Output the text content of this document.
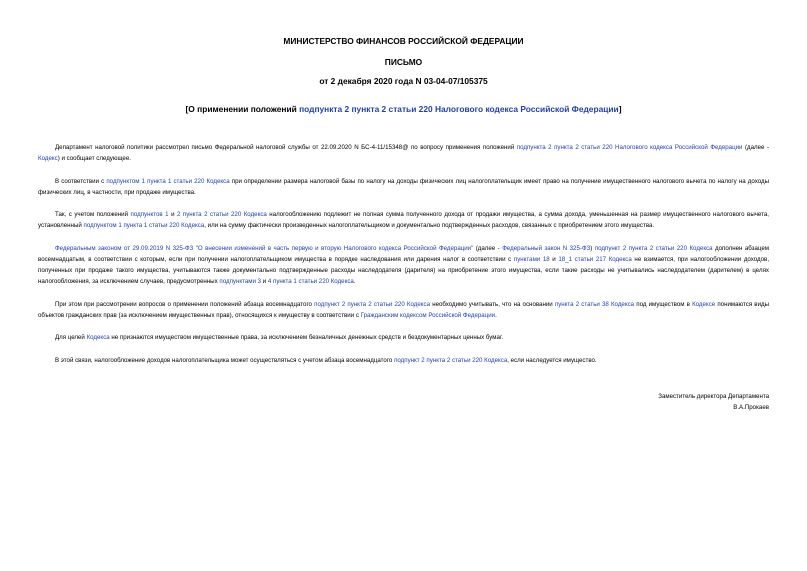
МИНИСТЕРСТВО ФИНАНСОВ РОССИЙСКОЙ ФЕДЕРАЦИИ
ПИСЬМО
от 2 декабря 2020 года N 03-04-07/105375
[О применении положений подпункта 2 пункта 2 статьи 220 Налогового кодекса Российской Федерации]

Департамент налоговой политики рассмотрел письмо Федеральной налоговой службы от 22.09.2020 N БС-4-11/15348@ по вопросу применения положений подпункта 2 пункта 2 статьи 220 Налогового кодекса Российской Федерации (далее - Кодекс) и сообщает следующее.

В соответствии с подпунктом 1 пункта 1 статьи 220 Кодекса при определении размера налоговой базы по налогу на доходы физических лиц налогоплательщик имеет право на получение имущественного налогового вычета по налогу на доходы физических лиц, в частности, при продаже имущества.

Так, с учетом положений подпунктов 1 и 2 пункта 2 статьи 220 Кодекса налогообложению подлежит не полная сумма полученного дохода от продажи имущества, а сумма дохода, уменьшенная на размер имущественного налогового вычета, установленный подпунктом 1 пункта 1 статьи 220 Кодекса, или на сумму фактически произведенных налогоплательщиком и документально подтвержденных расходов, связанных с приобретением этого имущества.

Федеральным законом от 29.09.2019 N 325-ФЗ "О внесении изменений в часть первую и вторую Налогового кодекса Российской Федерации" (далее - Федеральный закон N 325-ФЗ) подпункт 2 пункта 2 статьи 220 Кодекса дополнен абзацем восемнадцатым, в соответствии с которым, если при получении налогоплательщиком имущества в порядке наследования или дарения налог в соответствии с пунктами 18 и 18_1 статьи 217 Кодекса не взимается, при налогообложении доходов, полученных при продаже такого имущества, учитываются также документально подтвержденные расходы наследодателя (дарителя) на приобретение этого имущества, если такие расходы не учитывались наследодателем (дарителем) в целях налогообложения, за исключением случаев, предусмотренных подпунктами 3 и 4 пункта 1 статьи 220 Кодекса.

При этом при рассмотрении вопросов о применении положений абзаца восемнадцатого подпункт 2 пункта 2 статьи 220 Кодекса необходимо учитывать, что на основании пункта 2 статьи 38 Кодекса под имуществом в Кодексе понимаются виды объектов гражданских прав (за исключением имущественных прав), относящихся к имуществу в соответствии с Гражданским кодексом Российской Федерации.

Для целей Кодекса не признаются имуществом имущественные права, за исключением безналичных денежных средств и бездокументарных ценных бумаг.

В этой связи, налогообложение доходов налогоплательщика может осуществляться с учетом абзаца восемнадцатого подпункт 2 пункта 2 статьи 220 Кодекса, если наследуется имущество.

Заместитель директора Департамента
В.А.Прокаев
